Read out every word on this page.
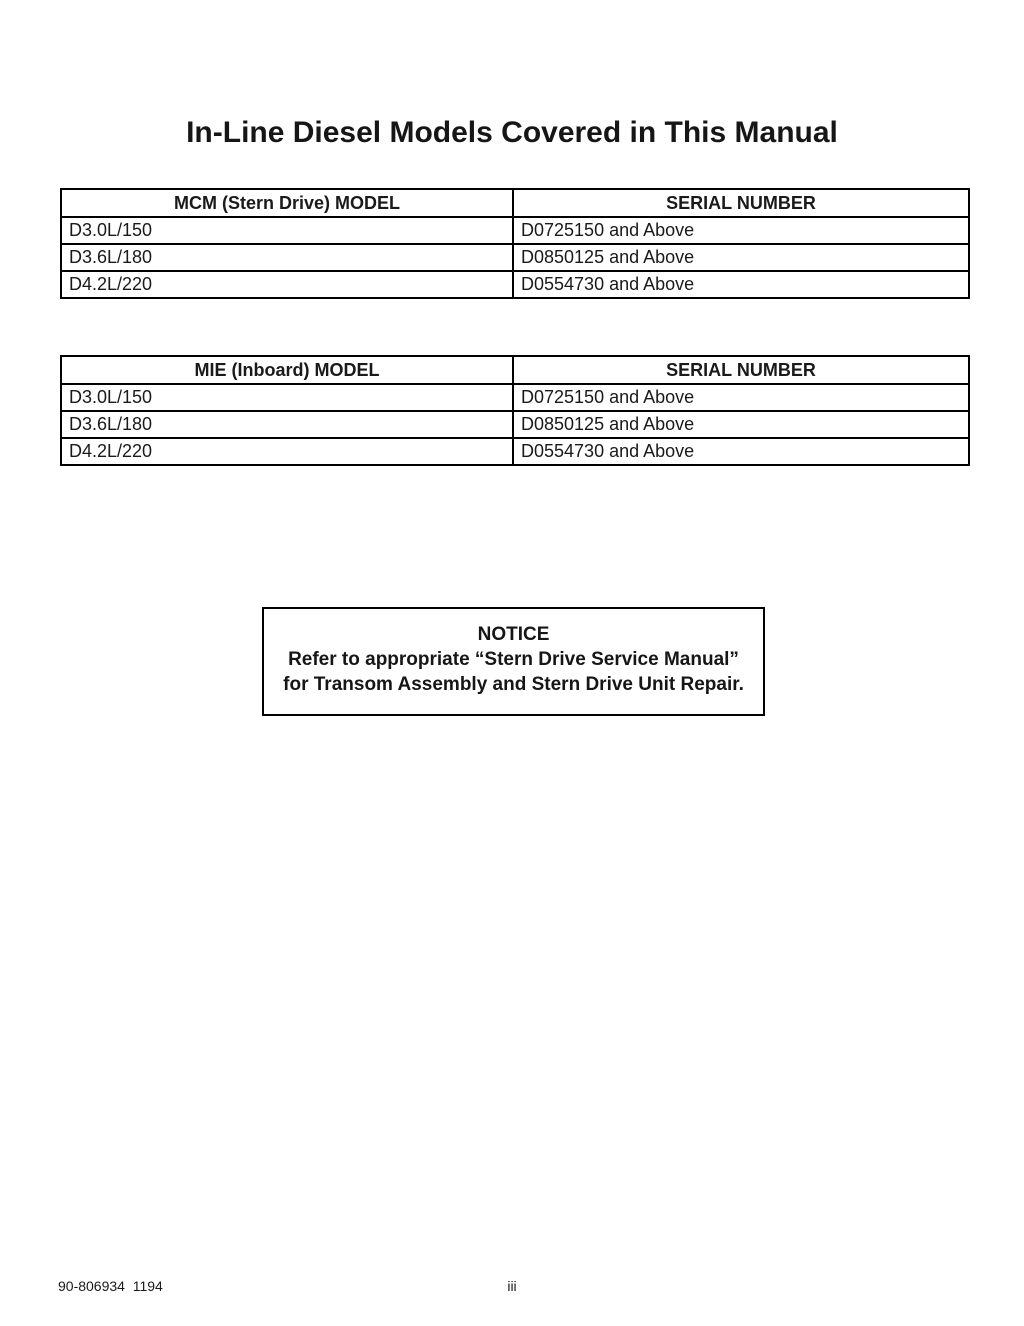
In-Line Diesel Models Covered in This Manual
MCM (Stern Drive) MODEL	SERIAL NUMBER
D3.0L/150	D0725150 and Above
D3.6L/180	D0850125 and Above
D4.2L/220	D0554730 and Above
MIE (Inboard) MODEL	SERIAL NUMBER
D3.0L/150	D0725150 and Above
D3.6L/180	D0850125 and Above
D4.2L/220	D0554730 and Above
NOTICE
Refer to appropriate “Stern Drive Service Manual”
for Transom Assembly and Stern Drive Unit Repair.
90-806934  1194	iii
